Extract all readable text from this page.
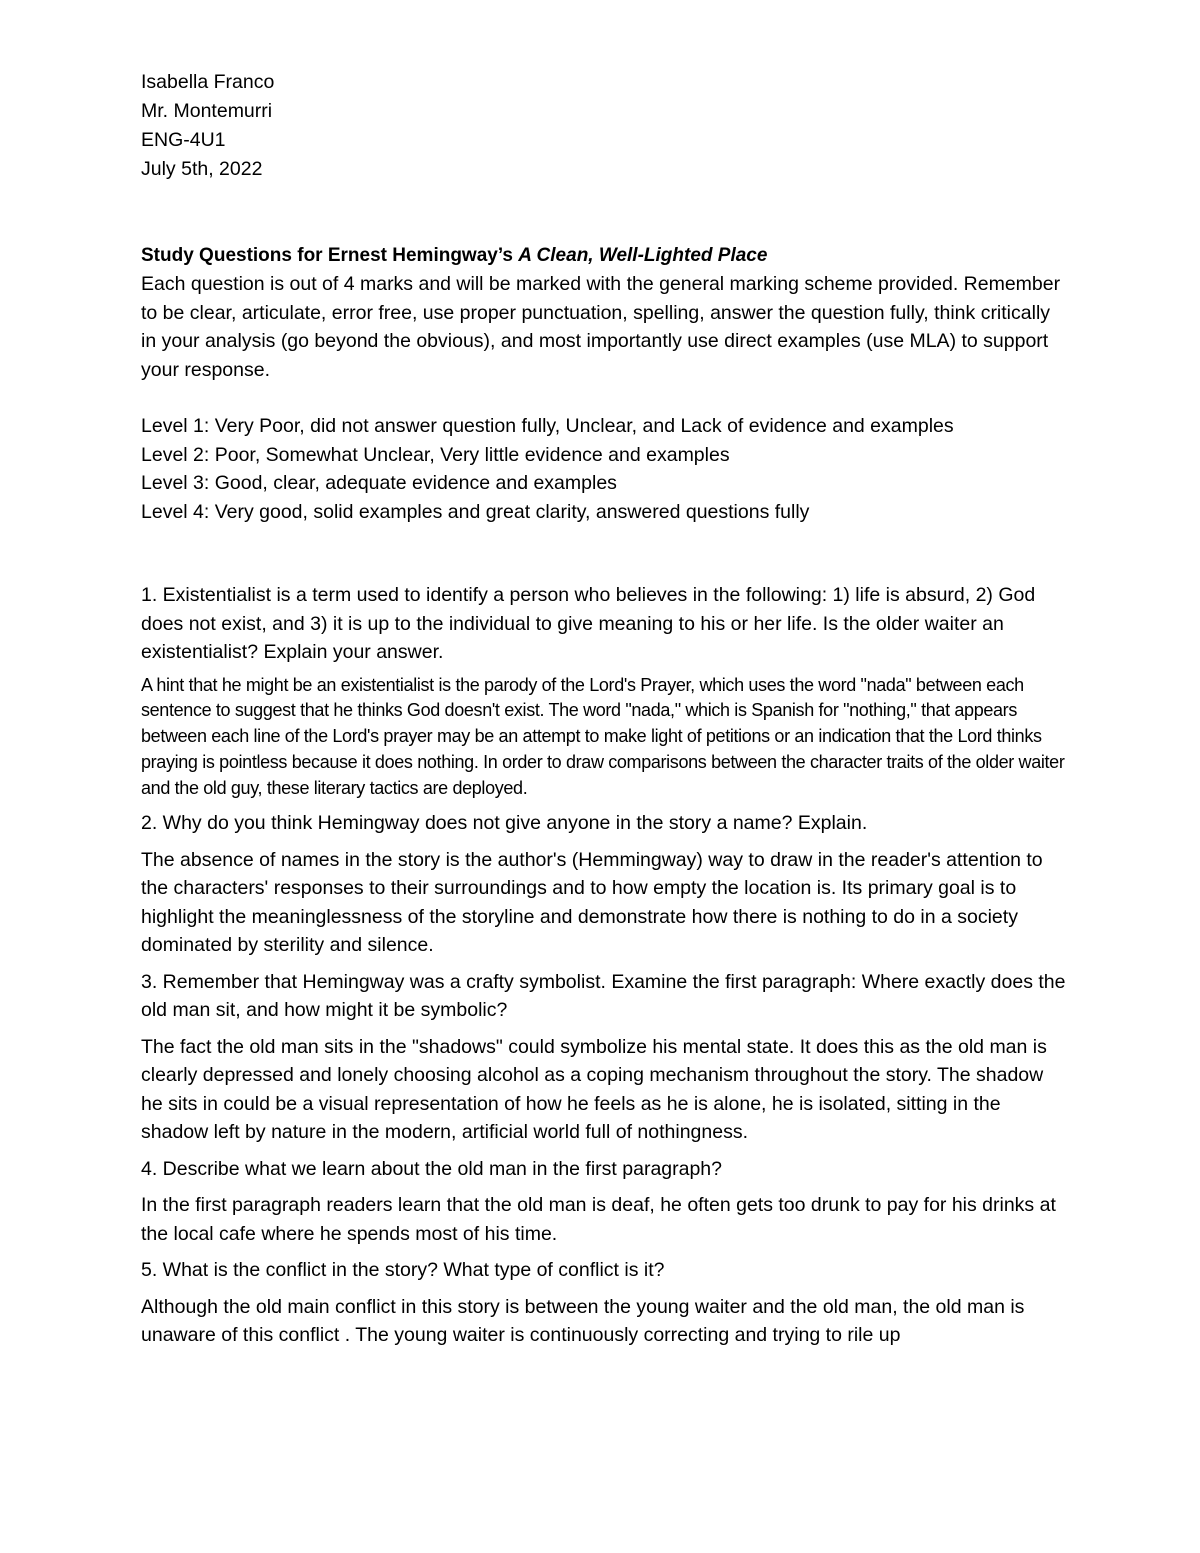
Isabella Franco
Mr. Montemurri
ENG-4U1
July 5th, 2022
Study Questions for Ernest Hemingway’s A Clean, Well-Lighted Place

Each question is out of 4 marks and will be marked with the general marking scheme provided. Remember to be clear, articulate, error free, use proper punctuation, spelling, answer the question fully, think critically in your analysis (go beyond the obvious), and most importantly use direct examples (use MLA) to support your response.

Level 1: Very Poor, did not answer question fully, Unclear, and Lack of evidence and examples
Level 2: Poor, Somewhat Unclear, Very little evidence and examples
Level 3: Good, clear, adequate evidence and examples
Level 4: Very good, solid examples and great clarity, answered questions fully

1. Existentialist is a term used to identify a person who believes in the following: 1) life is absurd, 2) God does not exist, and 3) it is up to the individual to give meaning to his or her life. Is the older waiter an existentialist? Explain your answer.

A hint that he might be an existentialist is the parody of the Lord's Prayer, which uses the word "nada" between each sentence to suggest that he thinks God doesn't exist. The word "nada," which is Spanish for "nothing," that appears between each line of the Lord's prayer may be an attempt to make light of petitions or an indication that the Lord thinks praying is pointless because it does nothing. In order to draw comparisons between the character traits of the older waiter and the old guy, these literary tactics are deployed.

2. Why do you think Hemingway does not give anyone in the story a name? Explain.

The absence of names in the story is the author's (Hemmingway) way to draw in the reader's attention to the characters' responses to their surroundings and to how empty the location is. Its primary goal is to highlight the meaninglessness of the storyline and demonstrate how there is nothing to do in a society dominated by sterility and silence.

3. Remember that Hemingway was a crafty symbolist. Examine the first paragraph: Where exactly does the old man sit, and how might it be symbolic?

The fact the old man sits in the "shadows" could symbolize his mental state. It does this as the old man is clearly depressed and lonely choosing alcohol as a coping mechanism throughout the story. The shadow he sits in could be a visual representation of how he feels as he is alone, he is isolated, sitting in the shadow left by nature in the modern, artificial world full of nothingness.

4. Describe what we learn about the old man in the first paragraph?

In the first paragraph readers learn that the old man is deaf, he often gets too drunk to pay for his drinks at the local cafe where he spends most of his time.

5. What is the conflict in the story? What type of conflict is it?

Although the old main conflict in this story is between the young waiter and the old man, the old man is unaware of this conflict . The young waiter is continuously correcting and trying to rile up
